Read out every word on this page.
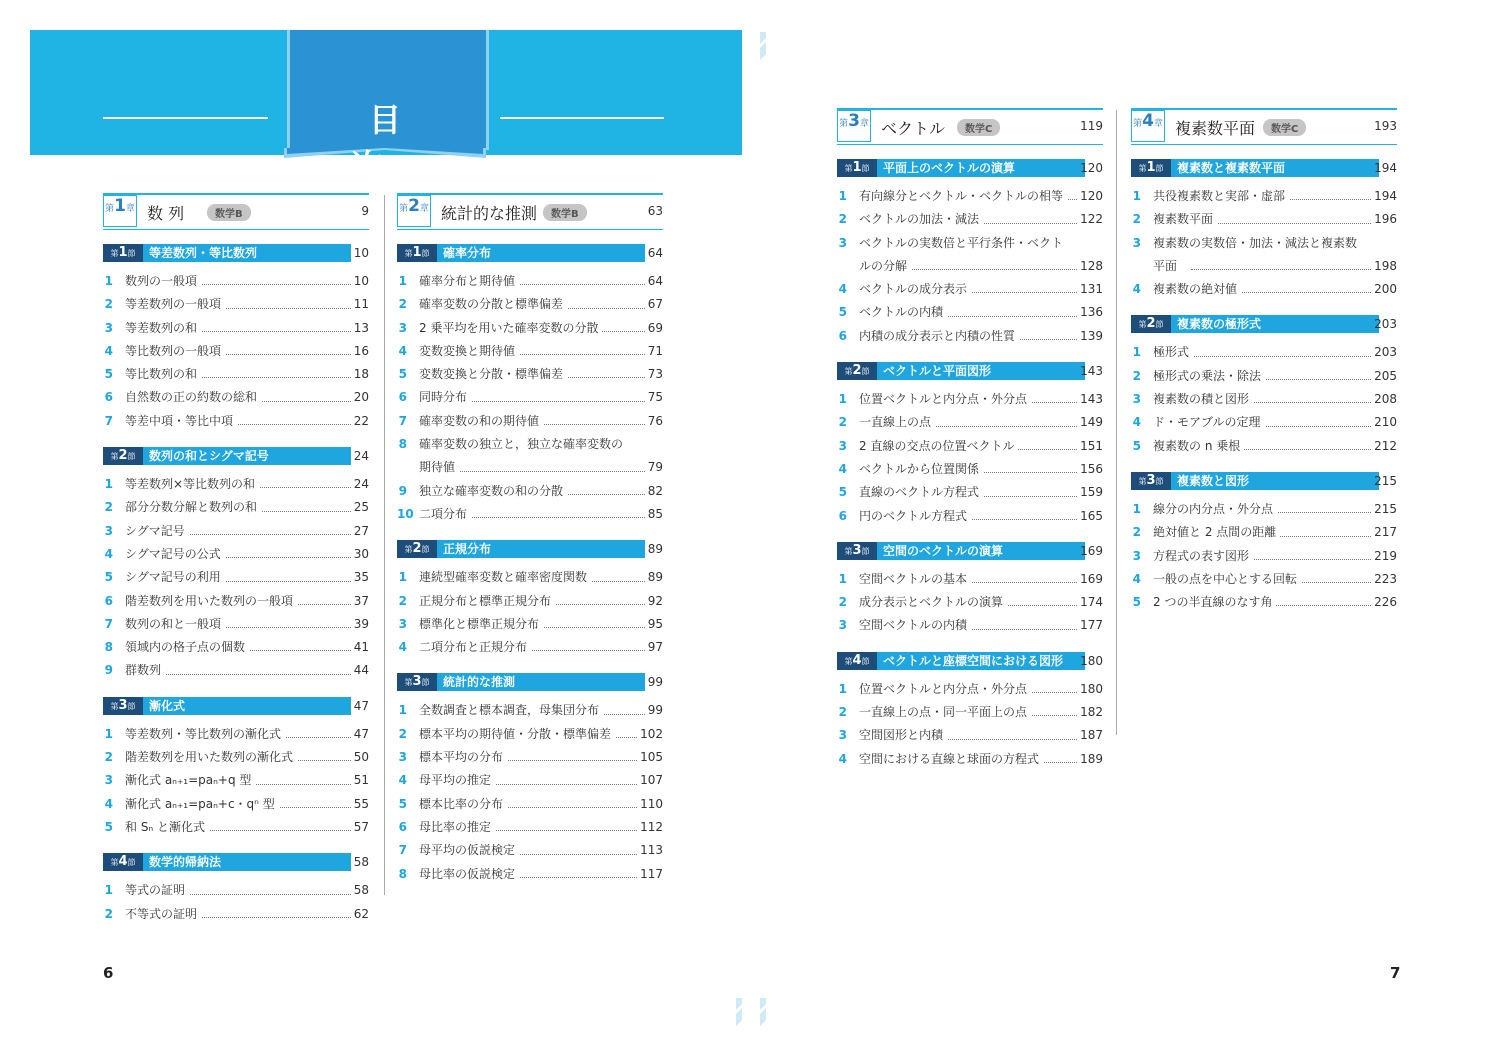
目 次
第1章 数 列	数学B	9
第1節	等差数列・等比数列	10
1 数列の一般項	10
2 等差数列の一般項	11
3 等差数列の和	13
4 等比数列の一般項	16
5 等比数列の和	18
6 自然数の正の約数の総和	20
7 等差中項・等比中項	22
第2節	数列の和とシグマ記号	24
1 等差数列×等比数列の和	24
2 部分分数分解と数列の和	25
3 シグマ記号	27
4 シグマ記号の公式	30
5 シグマ記号の利用	35
6 階差数列を用いた数列の一般項	37
7 数列の和と一般項	39
8 領域内の格子点の個数	41
9 群数列	44
第3節	漸化式	47
1 等差数列・等比数列の漸化式	47
2 階差数列を用いた数列の漸化式	50
3 漸化式 aₙ₊₁=paₙ+q 型	51
4 漸化式 aₙ₊₁=paₙ+c・qⁿ 型	55
5 和 Sₙ と漸化式	57
第4節	数学的帰納法	58
1 等式の証明	58
2 不等式の証明	62
第2章 統計的な推測	数学B	63
第1節	確率分布	64
1 確率分布と期待値	64
2 確率変数の分散と標準偏差	67
3 2 乗平均を用いた確率変数の分散	69
4 変数変換と期待値	71
5 変数変換と分散・標準偏差	73
6 同時分布	75
7 確率変数の和の期待値	76
8 確率変数の独立と，独立な確率変数の
期待値	79
9 独立な確率変数の和の分散	82
10 二項分布	85
第2節	正規分布	89
1 連続型確率変数と確率密度関数	89
2 正規分布と標準正規分布	92
3 標準化と標準正規分布	95
4 二項分布と正規分布	97
第3節	統計的な推測	99
1 全数調査と標本調査，母集団分布	99
2 標本平均の期待値・分散・標準偏差 102
3 標本平均の分布	105
4 母平均の推定	107
5 標本比率の分布	110
6 母比率の推定	112
7 母平均の仮説検定	113
8 母比率の仮説検定	117
6
第3章 ベクトル	数学C	119
第1節	平面上のベクトルの演算	120
1 有向線分とベクトル・ベクトルの相等 120
2 ベクトルの加法・減法	122
3 ベクトルの実数倍と平行条件・ベクト
ルの分解	128
4 ベクトルの成分表示	131
5 ベクトルの内積	136
6 内積の成分表示と内積の性質	139
第2節	ベクトルと平面図形	143
1 位置ベクトルと内分点・外分点	143
2 一直線上の点	149
3 2 直線の交点の位置ベクトル	151
4 ベクトルから位置関係	156
5 直線のベクトル方程式	159
6 円のベクトル方程式	165
第3節	空間のベクトルの演算	169
1 空間ベクトルの基本	169
2 成分表示とベクトルの演算	174
3 空間ベクトルの内積	177
第4節	ベクトルと座標空間における図形	180
1 位置ベクトルと内分点・外分点	180
2 一直線上の点・同一平面上の点	182
3 空間図形と内積	187
4 空間における直線と球面の方程式	189
第4章 複素数平面	数学C	193
第1節	複素数と複素数平面	194
1 共役複素数と実部・虚部	194
2 複素数平面	196
3 複素数の実数倍・加法・減法と複素数
平面	198
4 複素数の絶対値	200
第2節	複素数の極形式	203
1 極形式	203
2 極形式の乗法・除法	205
3 複素数の積と図形	208
4 ド・モアブルの定理	210
5 複素数の n 乗根	212
第3節	複素数と図形	215
1 線分の内分点・外分点	215
2 絶対値と 2 点間の距離	217
3 方程式の表す図形	219
4 一般の点を中心とする回転	223
5 2 つの半直線のなす角	226
7
